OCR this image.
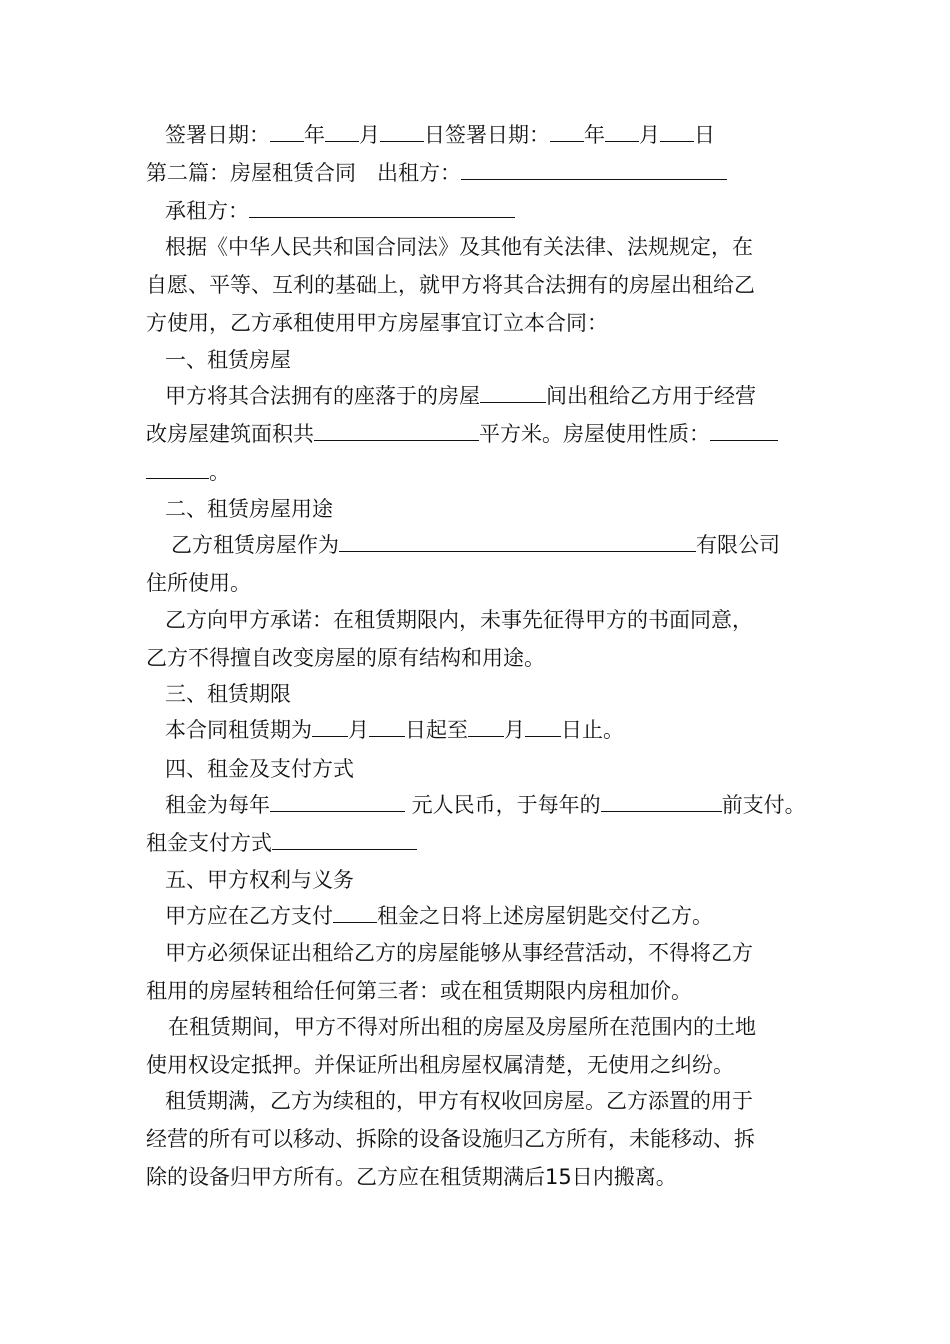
签署日期： 年 月 日签署日期： 年 月 日
第二篇：房屋租赁合同　出租方：
承租方：
根据《中华人民共和国合同法》及其他有关法律、法规规定，在
自愿、平等、互利的基础上，就甲方将其合法拥有的房屋出租给乙
方使用，乙方承租使用甲方房屋事宜订立本合同：
一、租赁房屋
甲方将其合法拥有的座落于的房屋	间出租给乙方用于经营
改房屋建筑面积共	平方米。房屋使用性质：
。
二、租赁房屋用途
乙方租赁房屋作为	有限公司
住所使用。
乙方向甲方承诺：在租赁期限内，未事先征得甲方的书面同意，
乙方不得擅自改变房屋的原有结构和用途。
三、租赁期限
本合同租赁期为 月 日起至 月 日止。
四、租金及支付方式
租金为每年	元人民币，于每年的	前支付。
租金支付方式
五、甲方权利与义务
甲方应在乙方支付 租金之日将上述房屋钥匙交付乙方。
甲方必须保证出租给乙方的房屋能够从事经营活动，不得将乙方
租用的房屋转租给任何第三者：或在租赁期限内房租加价。
在租赁期间，甲方不得对所出租的房屋及房屋所在范围内的土地
使用权设定抵押。并保证所出租房屋权属清楚，无使用之纠纷。
租赁期满，乙方为续租的，甲方有权收回房屋。乙方添置的用于
经营的所有可以移动、拆除的设备设施归乙方所有，未能移动、拆
除的设备归甲方所有。乙方应在租赁期满后15日内搬离。
